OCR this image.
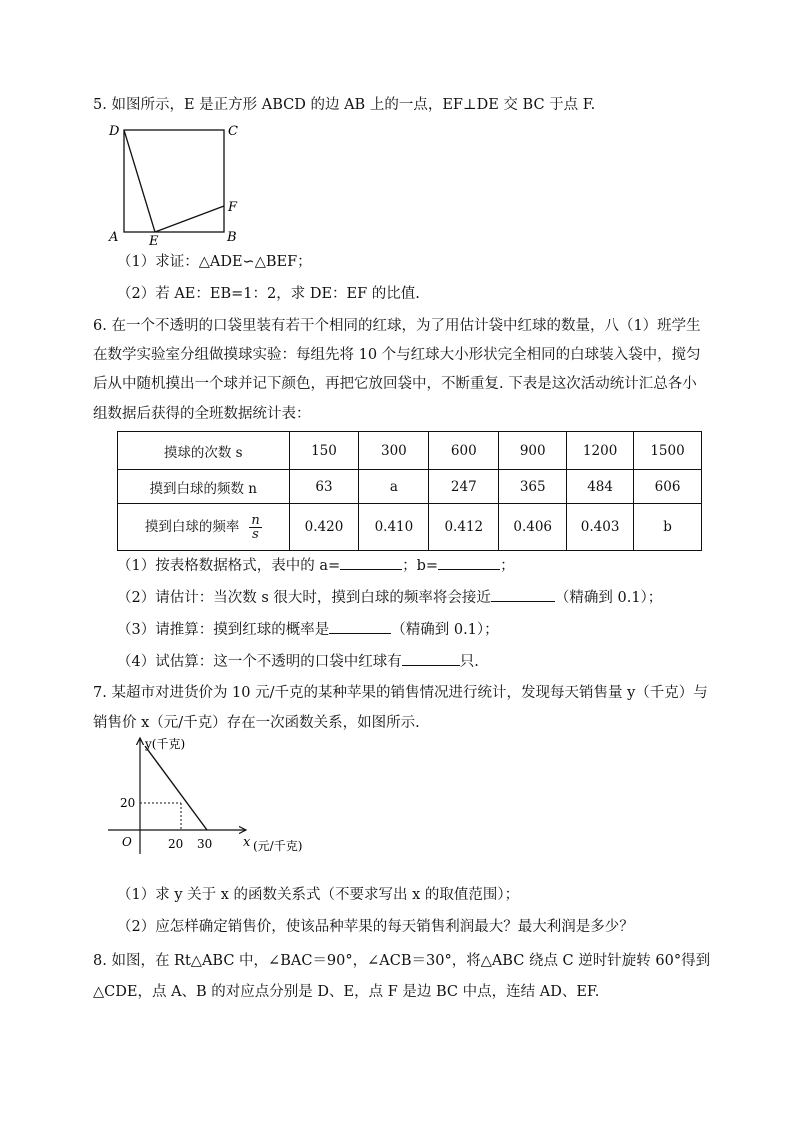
5. 如图所示，E 是正方形 ABCD 的边 AB 上的一点，EF⊥DE 交 BC 于点 F.
D	C
A E	B
F
（1）求证：△ADE∽△BEF；
（2）若 AE：EB=1：2，求 DE：EF 的比值.
6. 在一个不透明的口袋里装有若干个相同的红球，为了用估计袋中红球的数量，八（1）班学生
在数学实验室分组做摸球实验：每组先将 10 个与红球大小形状完全相同的白球装入袋中，搅匀
后从中随机摸出一个球并记下颜色，再把它放回袋中，不断重复. 下表是这次活动统计汇总各小
组数据后获得的全班数据统计表：
摸球的次数 s	150	300	600	900	1200	1500
摸到白球的频数 n	63	a	247	365	484	606
摸到白球的频率 $\frac{n}{s}$	0.420	0.410	0.412	0.406	0.403	b
（1）按表格数据格式，表中的 a=	；b=	；
（2）请估计：当次数 s 很大时，摸到白球的频率将会接近	（精确到 0.1）；
（3）请推算：摸到红球的概率是	（精确到 0.1）；
（4）试估算：这一个不透明的口袋中红球有	只.
7. 某超市对进货价为 10 元/千克的某种苹果的销售情况进行统计，发现每天销售量 y（千克）与
销售价 x（元/千克）存在一次函数关系，如图所示.
y(千克)
20
O	20 30 x (元/千克)
（1）求 y 关于 x 的函数关系式（不要求写出 x 的取值范围）；
（2）应怎样确定销售价，使该品种苹果的每天销售利润最大？最大利润是多少？
8. 如图，在 Rt△ABC 中，∠BAC＝90°，∠ACB＝30°，将△ABC 绕点 C 逆时针旋转 60°得到
△CDE，点 A、B 的对应点分别是 D、E，点 F 是边 BC 中点，连结 AD、EF.
